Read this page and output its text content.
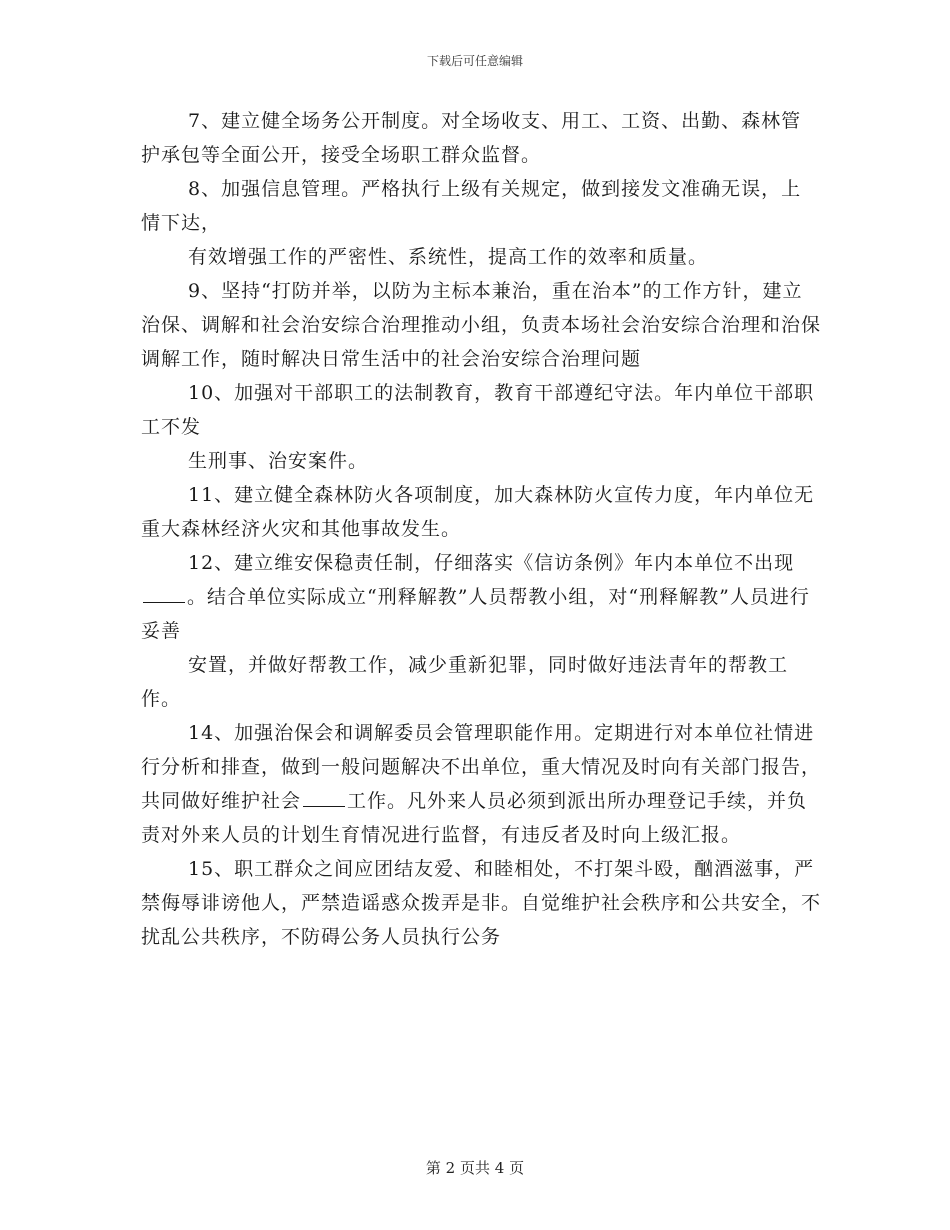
下载后可任意编辑

7、建立健全场务公开制度。对全场收支、用工、工资、出勤、森林管护承包等全面公开，接受全场职工群众监督。

8、加强信息管理。严格执行上级有关规定，做到接发文准确无误，上情下达，

有效增强工作的严密性、系统性，提高工作的效率和质量。

9、坚持“打防并举，以防为主标本兼治，重在治本”的工作方针，建立治保、调解和社会治安综合治理推动小组，负责本场社会治安综合治理和治保调解工作，随时解决日常生活中的社会治安综合治理问题

10、加强对干部职工的法制教育，教育干部遵纪守法。年内单位干部职工不发

生刑事、治安案件。

11、建立健全森林防火各项制度，加大森林防火宣传力度，年内单位无重大森林经济火灾和其他事故发生。

12、建立维安保稳责任制，仔细落实《信访条例》年内本单位不出现。结合单位实际成立“刑释解教”人员帮教小组，对“刑释解教”人员进行妥善

安置，并做好帮教工作，减少重新犯罪，同时做好违法青年的帮教工作。

14、加强治保会和调解委员会管理职能作用。定期进行对本单位社情进行分析和排查，做到一般问题解决不出单位，重大情况及时向有关部门报告，共同做好维护社会 工作。凡外来人员必须到派出所办理登记手续，并负责对外来人员的计划生育情况进行监督，有违反者及时向上级汇报。

15、职工群众之间应团结友爱、和睦相处，不打架斗殴，酗酒滋事，严禁侮辱诽谤他人，严禁造谣惑众拨弄是非。自觉维护社会秩序和公共安全，不扰乱公共秩序，不防碍公务人员执行公务

第 2 页共 4 页
